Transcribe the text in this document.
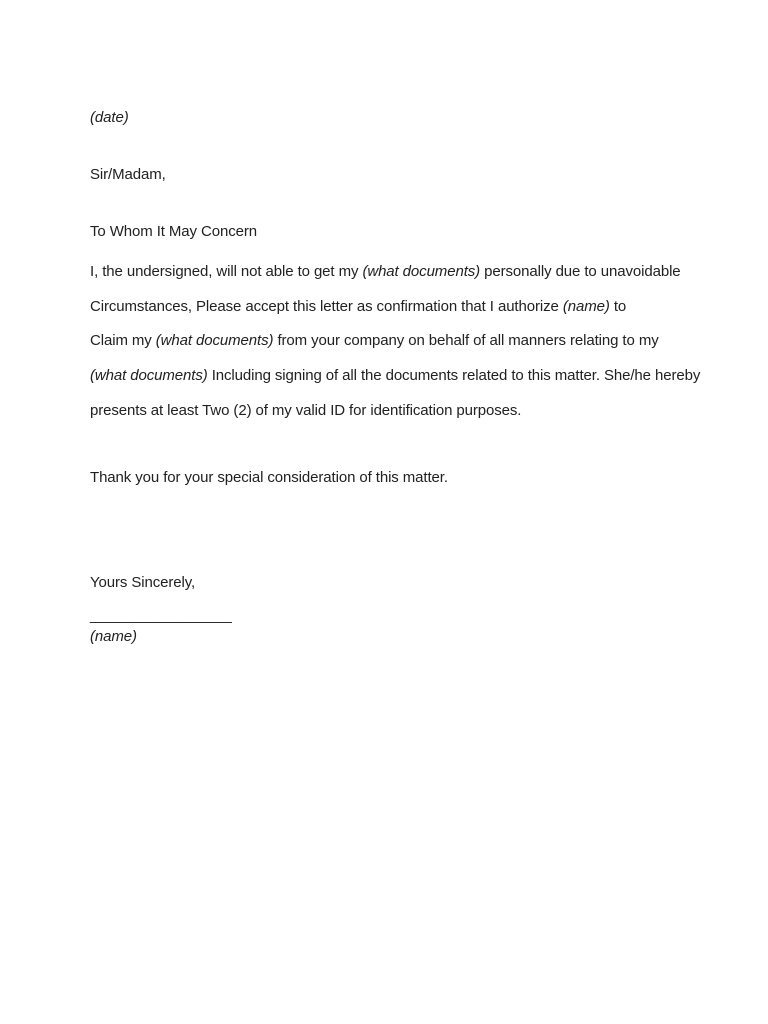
(date)
Sir/Madam,
To Whom It May Concern
I, the undersigned, will not able to get my (what documents) personally due to unavoidable
Circumstances, Please accept this letter as confirmation that I authorize (name) to
Claim my (what documents) from your company on behalf of all manners relating to my
(what documents) Including signing of all the documents related to this matter. She/he hereby
presents at least Two (2) of my valid ID for identification purposes.
Thank you for your special consideration of this matter.
Yours Sincerely,
_________________
(name)
